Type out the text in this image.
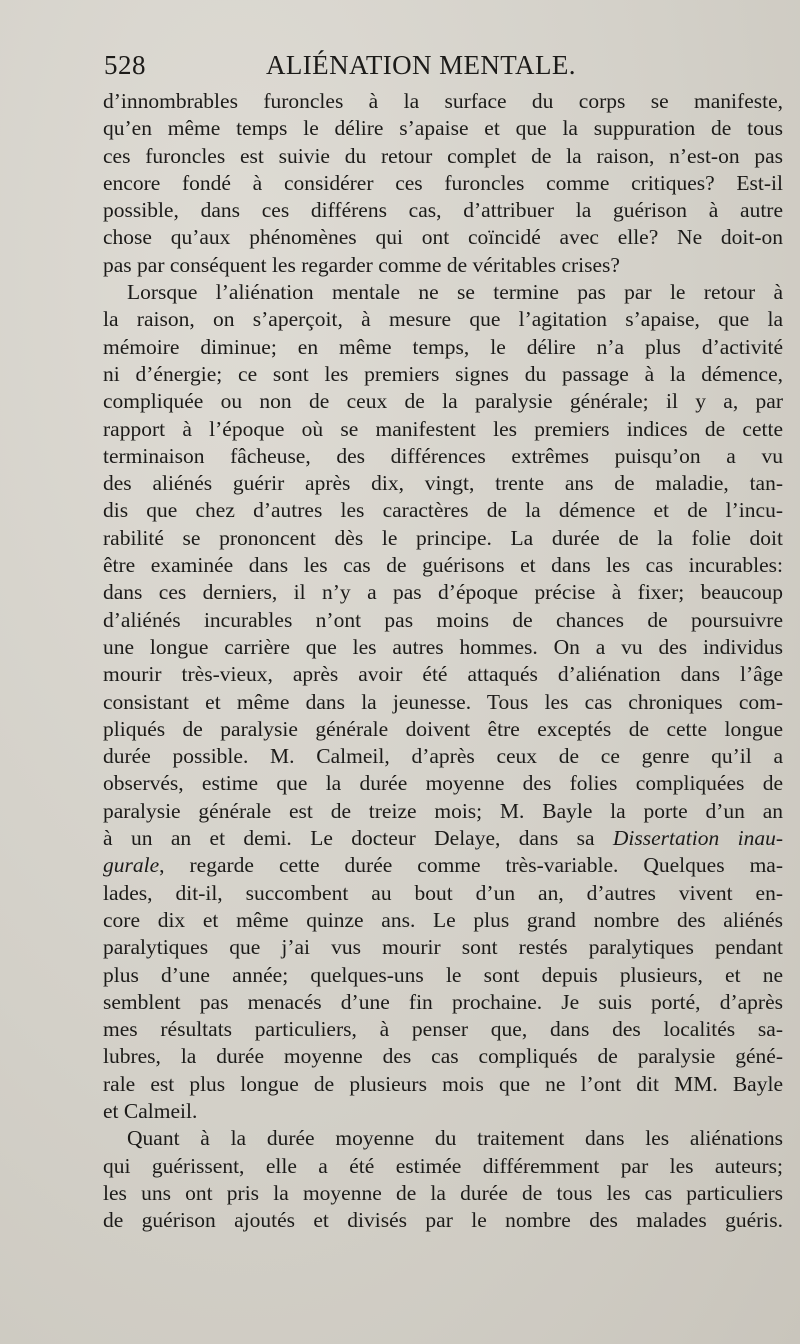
528	ALIÉNATION MENTALE.
d’innombrables furoncles à la surface du corps se manifeste,
qu’en même temps le délire s’apaise et que la suppuration de tous
ces furoncles est suivie du retour complet de la raison, n’est-on pas
encore fondé à considérer ces furoncles comme critiques? Est-il
possible, dans ces différens cas, d’attribuer la guérison à autre
chose qu’aux phénomènes qui ont coïncidé avec elle? Ne doit-on
pas par conséquent les regarder comme de véritables crises?
Lorsque l’aliénation mentale ne se termine pas par le retour à
la raison, on s’aperçoit, à mesure que l’agitation s’apaise, que la
mémoire diminue; en même temps, le délire n’a plus d’activité
ni d’énergie; ce sont les premiers signes du passage à la démence,
compliquée ou non de ceux de la paralysie générale; il y a, par
rapport à l’époque où se manifestent les premiers indices de cette
terminaison fâcheuse, des différences extrêmes puisqu’on a vu
des aliénés guérir après dix, vingt, trente ans de maladie, tan-
dis que chez d’autres les caractères de la démence et de l’incu-
rabilité se prononcent dès le principe. La durée de la folie doit
être examinée dans les cas de guérisons et dans les cas incurables:
dans ces derniers, il n’y a pas d’époque précise à fixer; beaucoup
d’aliénés incurables n’ont pas moins de chances de poursuivre
une longue carrière que les autres hommes. On a vu des individus
mourir très-vieux, après avoir été attaqués d’aliénation dans l’âge
consistant et même dans la jeunesse. Tous les cas chroniques com-
pliqués de paralysie générale doivent être exceptés de cette longue
durée possible. M. Calmeil, d’après ceux de ce genre qu’il a
observés, estime que la durée moyenne des folies compliquées de
paralysie générale est de treize mois; M. Bayle la porte d’un an
à un an et demi. Le docteur Delaye, dans sa Dissertation inau-
gurale, regarde cette durée comme très-variable. Quelques ma-
lades, dit-il, succombent au bout d’un an, d’autres vivent en-
core dix et même quinze ans. Le plus grand nombre des aliénés
paralytiques que j’ai vus mourir sont restés paralytiques pendant
plus d’une année; quelques-uns le sont depuis plusieurs, et ne
semblent pas menacés d’une fin prochaine. Je suis porté, d’après
mes résultats particuliers, à penser que, dans des localités sa-
lubres, la durée moyenne des cas compliqués de paralysie géné-
rale est plus longue de plusieurs mois que ne l’ont dit MM. Bayle
et Calmeil.
Quant à la durée moyenne du traitement dans les aliénations
qui guérissent, elle a été estimée différemment par les auteurs;
les uns ont pris la moyenne de la durée de tous les cas particuliers
de guérison ajoutés et divisés par le nombre des malades guéris.
